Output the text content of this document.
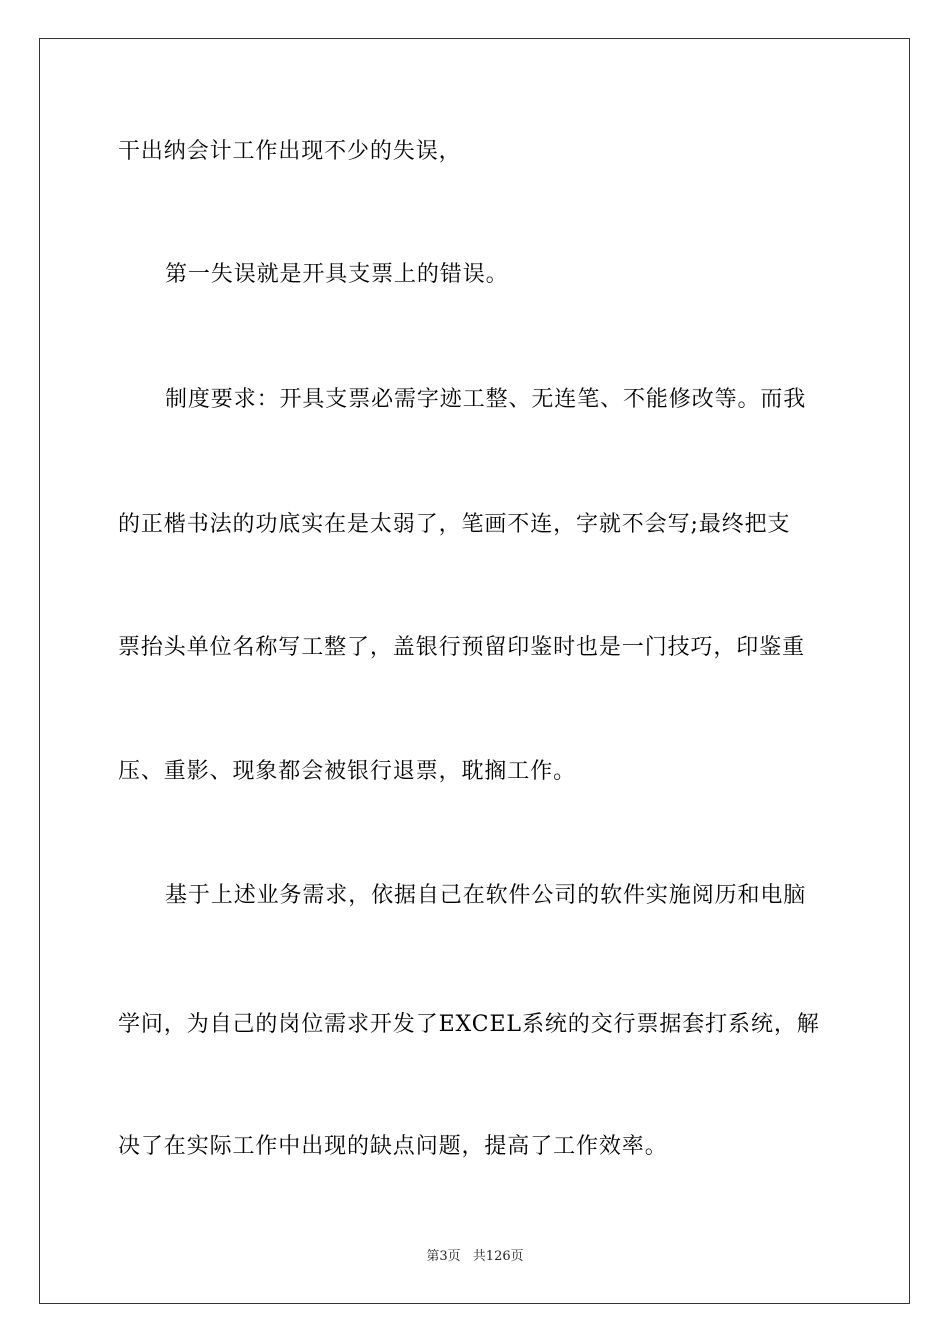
干出纳会计工作出现不少的失误，

第一失误就是开具支票上的错误。

制度要求：开具支票必需字迹工整、无连笔、不能修改等。而我

的正楷书法的功底实在是太弱了，笔画不连，字就不会写;最终把支

票抬头单位名称写工整了，盖银行预留印鉴时也是一门技巧，印鉴重

压、重影、现象都会被银行退票，耽搁工作。

基于上述业务需求，依据自己在软件公司的软件实施阅历和电脑

学问，为自己的岗位需求开发了EXCEL系统的交行票据套打系统，解

决了在实际工作中出现的缺点问题，提高了工作效率。

第3页 共126页
